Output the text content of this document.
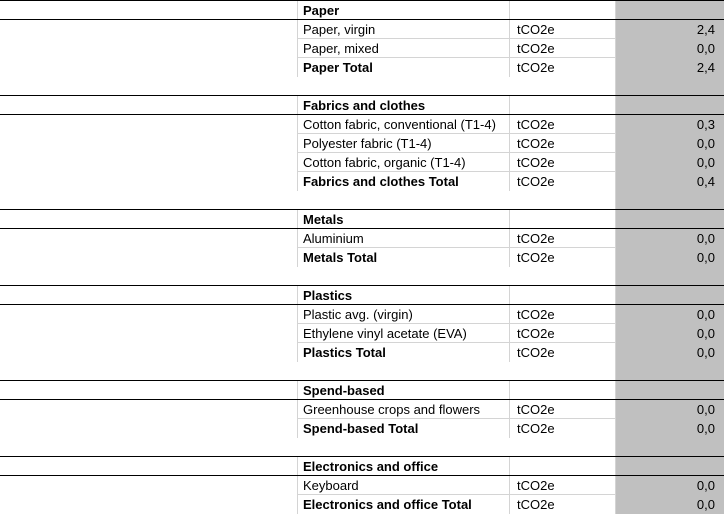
Paper
Paper, virgin	tCO2e	2,4
Paper, mixed	tCO2e	0,0
Paper Total	tCO2e	2,4
Fabrics and clothes
Cotton fabric, conventional (T1-4)	tCO2e	0,3
Polyester fabric (T1-4)	tCO2e	0,0
Cotton fabric, organic (T1-4)	tCO2e	0,0
Fabrics and clothes Total	tCO2e	0,4
Metals
Aluminium	tCO2e	0,0
Metals Total	tCO2e	0,0
Plastics
Plastic avg. (virgin)	tCO2e	0,0
Ethylene vinyl acetate (EVA)	tCO2e	0,0
Plastics Total	tCO2e	0,0
Spend-based
Greenhouse crops and flowers	tCO2e	0,0
Spend-based Total	tCO2e	0,0
Electronics and office
Keyboard	tCO2e	0,0
Electronics and office Total	tCO2e	0,0
